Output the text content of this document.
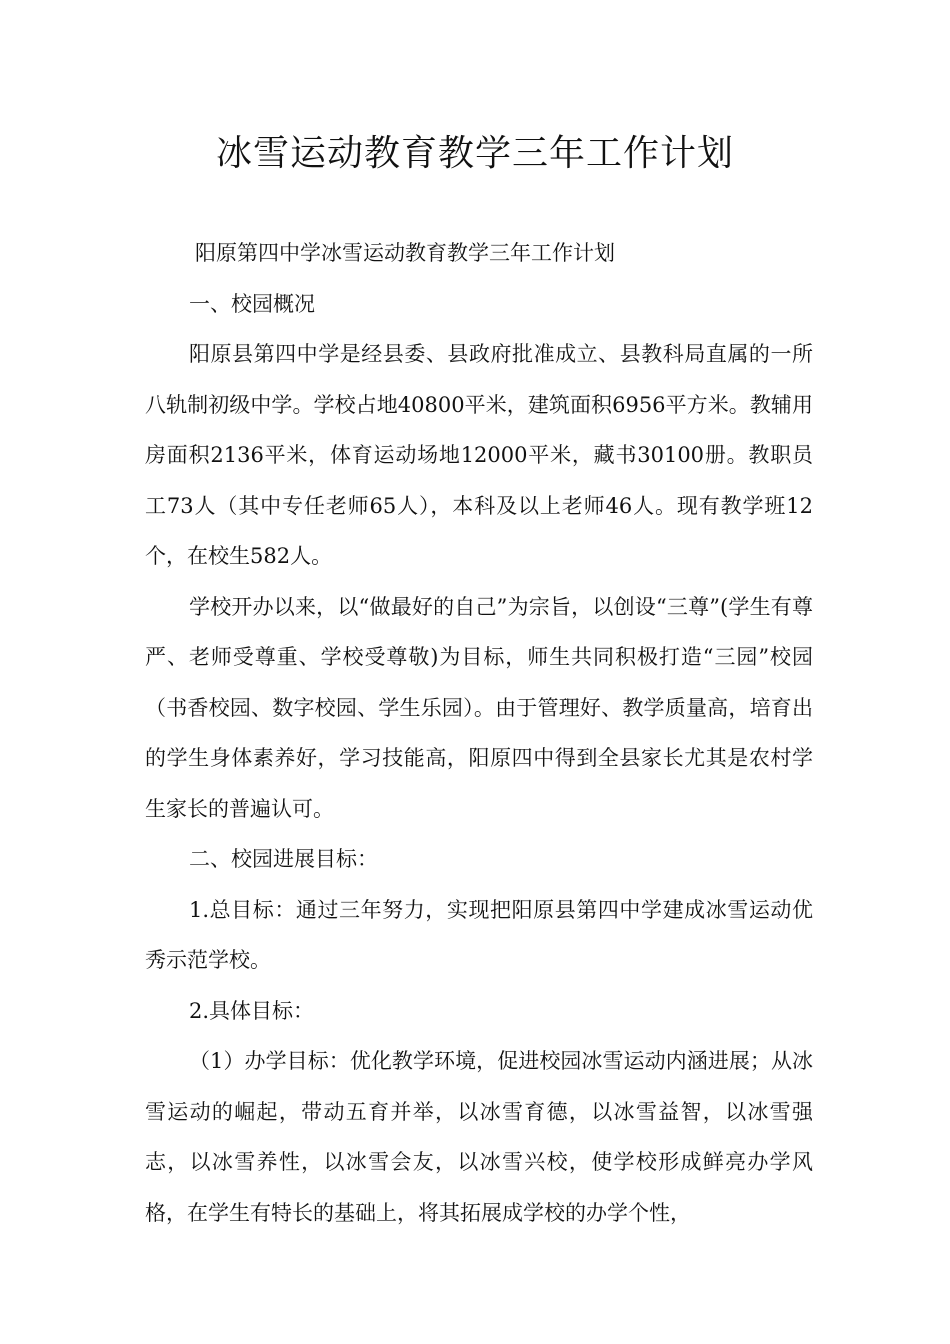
冰雪运动教育教学三年工作计划

阳原第四中学冰雪运动教育教学三年工作计划

一、校园概况

阳原县第四中学是经县委、县政府批准成立、县教科局直属的一所八轨制初级中学。学校占地40800平米，建筑面积6956平方米。教辅用房面积2136平米，体育运动场地12000平米，藏书30100册。教职员工73人（其中专任老师65人），本科及以上老师46人。现有教学班12个，在校生582人。

学校开办以来，以“做最好的自己”为宗旨，以创设“三尊”(学生有尊严、老师受尊重、学校受尊敬)为目标，师生共同积极打造“三园”校园（书香校园、数字校园、学生乐园）。由于管理好、教学质量高，培育出的学生身体素养好，学习技能高，阳原四中得到全县家长尤其是农村学生家长的普遍认可。

二、校园进展目标：

1.总目标：通过三年努力，实现把阳原县第四中学建成冰雪运动优秀示范学校。

2.具体目标：

（1）办学目标：优化教学环境，促进校园冰雪运动内涵进展；从冰雪运动的崛起，带动五育并举，以冰雪育德，以冰雪益智，以冰雪强志，以冰雪养性，以冰雪会友，以冰雪兴校，使学校形成鲜亮办学风格，在学生有特长的基础上，将其拓展成学校的办学个性，
